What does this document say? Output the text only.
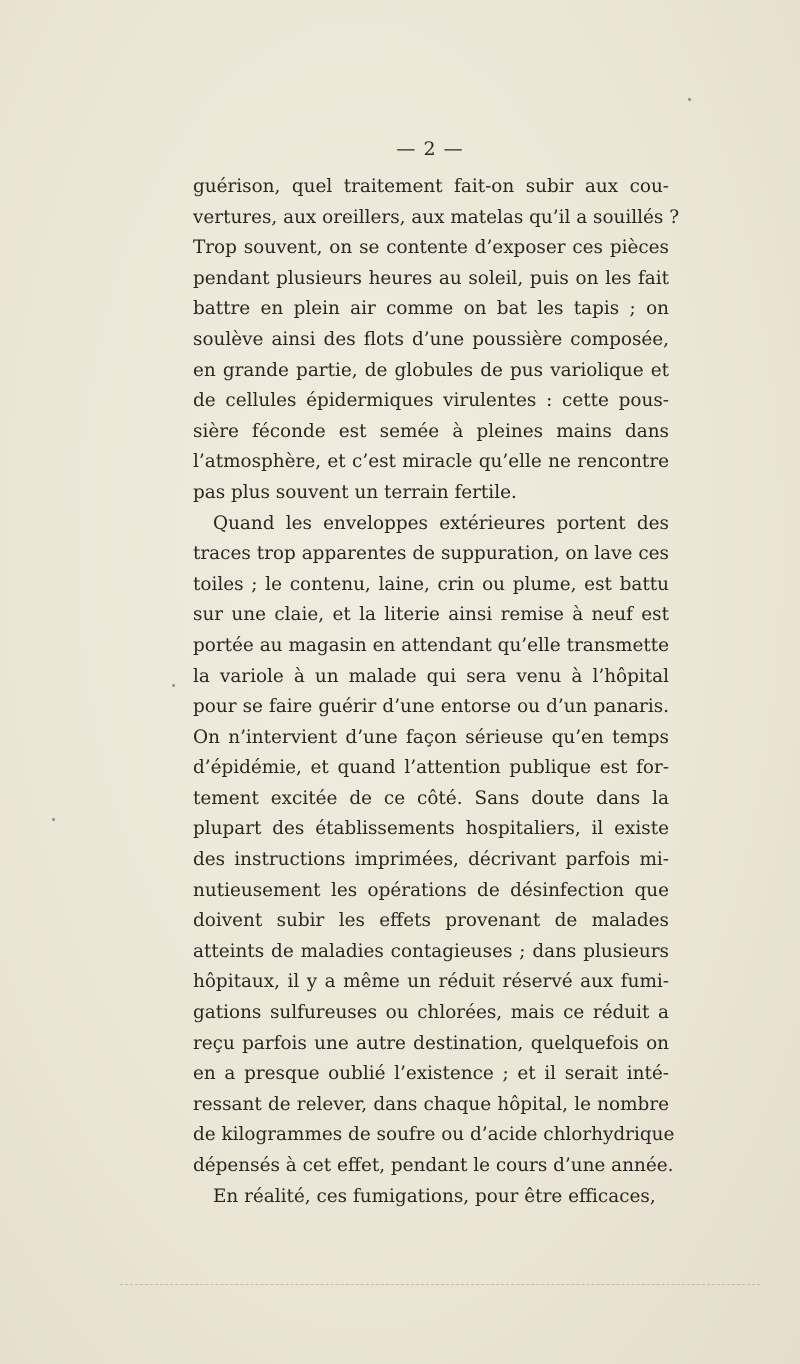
— 2 —
guérison, quel traitement fait-on subir aux cou-
vertures, aux oreillers, aux matelas qu’il a souillés ?
Trop souvent, on se contente d’exposer ces pièces
pendant plusieurs heures au soleil, puis on les fait
battre en plein air comme on bat les tapis ; on
soulève ainsi des flots d’une poussière composée,
en grande partie, de globules de pus variolique et
de cellules épidermiques virulentes : cette pous-
sière féconde est semée à pleines mains dans
l’atmosphère, et c’est miracle qu’elle ne rencontre
pas plus souvent un terrain fertile.
Quand les enveloppes extérieures portent des
traces trop apparentes de suppuration, on lave ces
toiles ; le contenu, laine, crin ou plume, est battu
sur une claie, et la literie ainsi remise à neuf est
portée au magasin en attendant qu’elle transmette
la variole à un malade qui sera venu à l’hôpital
pour se faire guérir d’une entorse ou d’un panaris.
On n’intervient d’une façon sérieuse qu’en temps
d’épidémie, et quand l’attention publique est for-
tement excitée de ce côté. Sans doute dans la
plupart des établissements hospitaliers, il existe
des instructions imprimées, décrivant parfois mi-
nutieusement les opérations de désinfection que
doivent subir les effets provenant de malades
atteints de maladies contagieuses ; dans plusieurs
hôpitaux, il y a même un réduit réservé aux fumi-
gations sulfureuses ou chlorées, mais ce réduit a
reçu parfois une autre destination, quelquefois on
en a presque oublié l’existence ; et il serait inté-
ressant de relever, dans chaque hôpital, le nombre
de kilogrammes de soufre ou d’acide chlorhydrique
dépensés à cet effet, pendant le cours d’une année.
En réalité, ces fumigations, pour être efficaces,
